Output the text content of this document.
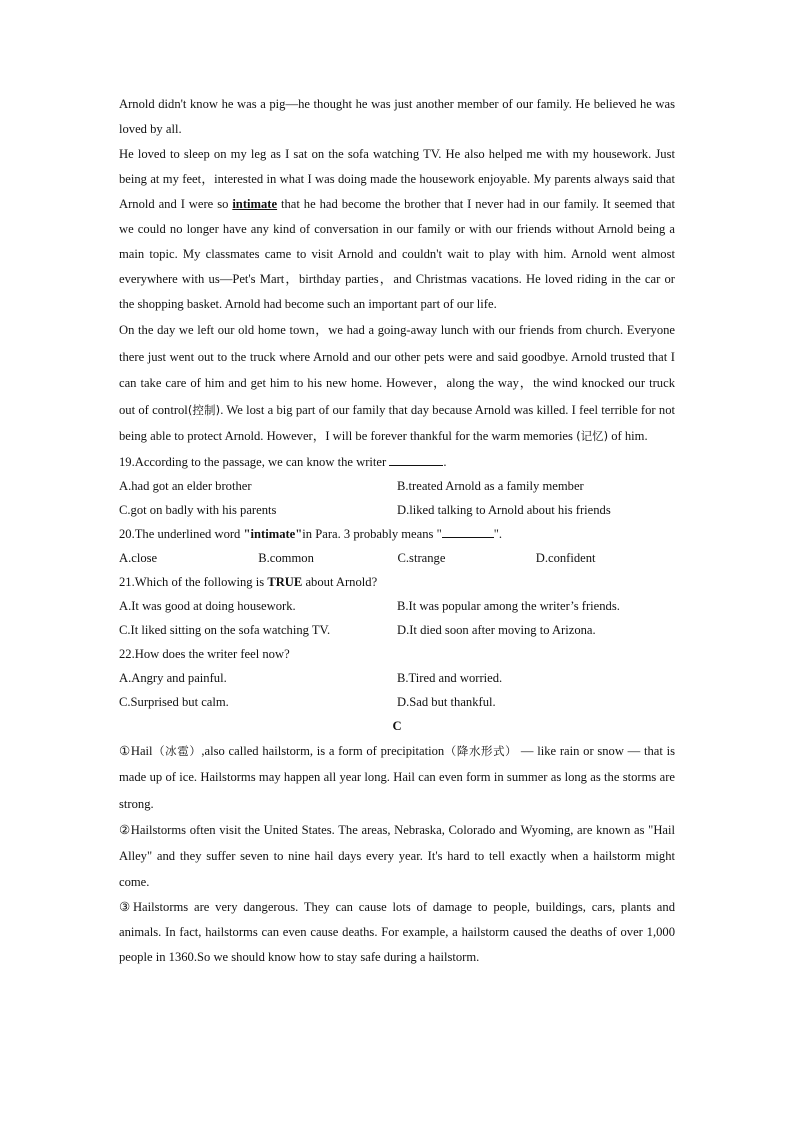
Arnold didn't know he was a pig—he thought he was just another member of our family. He believed he was loved by all.

He loved to sleep on my leg as I sat on the sofa watching TV. He also helped me with my housework. Just being at my feet，interested in what I was doing made the housework enjoyable. My parents always said that Arnold and I were so intimate that he had become the brother that I never had in our family. It seemed that we could no longer have any kind of conversation in our family or with our friends without Arnold being a main topic. My classmates came to visit Arnold and couldn't wait to play with him. Arnold went almost everywhere with us—Pet's Mart，birthday parties，and Christmas vacations. He loved riding in the car or the shopping basket. Arnold had become such an important part of our life.

On the day we left our old home town，we had a going-away lunch with our friends from church. Everyone there just went out to the truck where Arnold and our other pets were and said goodbye. Arnold trusted that I can take care of him and get him to his new home. However，along the way，the wind knocked our truck out of control(控制). We lost a big part of our family that day because Arnold was killed. I feel terrible for not being able to protect Arnold. However，I will be forever thankful for the warm memories (记忆) of him.

19.According to the passage, we can know the writer	.

A.had got an elder brother	B.treated Arnold as a family member
C.got on badly with his parents	D.liked talking to Arnold about his friends

20.The underlined word "intimate"in Para. 3 probably means "	".

A.close	B.common	C.strange	D.confident

21.Which of the following is TRUE about Arnold?

A.It was good at doing housework.	B.It was popular among the writer’s friends.
C.It liked sitting on the sofa watching TV.	D.It died soon after moving to Arizona.

22.How does the writer feel now?

A.Angry and painful.	B.Tired and worried.
C.Surprised but calm.	D.Sad but thankful.

C

①Hail（冰雹）,also called hailstorm, is a form of precipitation（降水形式） — like rain or snow — that is made up of ice. Hailstorms may happen all year long. Hail can even form in summer as long as the storms are strong.

②Hailstorms often visit the United States. The areas, Nebraska, Colorado and Wyoming, are known as "Hail Alley" and they suffer seven to nine hail days every year. It's hard to tell exactly when a hailstorm might come.

③Hailstorms are very dangerous. They can cause lots of damage to people, buildings, cars, plants and animals. In fact, hailstorms can even cause deaths. For example, a hailstorm caused the deaths of over 1,000 people in 1360.So we should know how to stay safe during a hailstorm.
